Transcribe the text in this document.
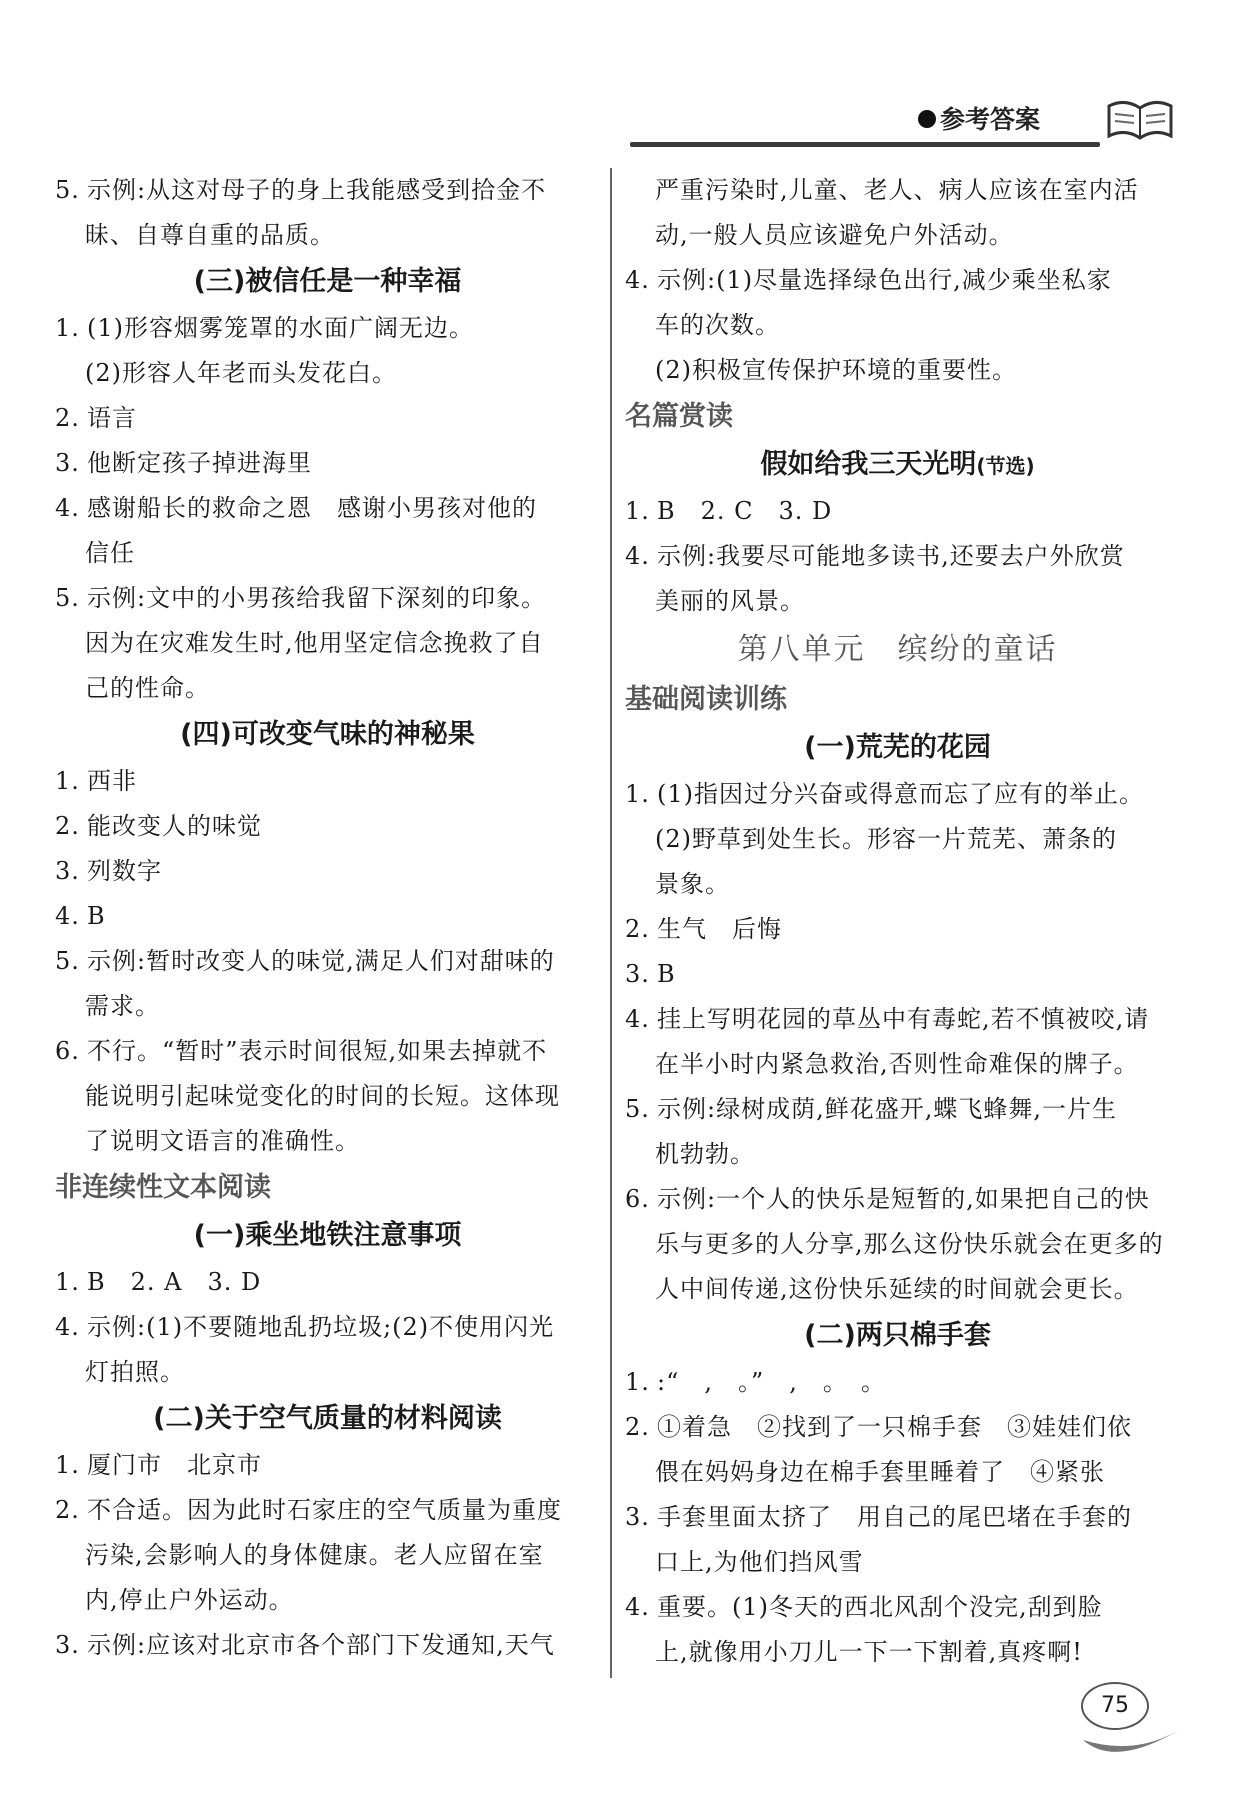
参考答案
5. 示例:从这对母子的身上我能感受到拾金不
昧、自尊自重的品质。
(三)被信任是一种幸福
1. (1)形容烟雾笼罩的水面广阔无边。
(2)形容人年老而头发花白。
2. 语言
3. 他断定孩子掉进海里
4. 感谢船长的救命之恩　感谢小男孩对他的
信任
5. 示例:文中的小男孩给我留下深刻的印象。
因为在灾难发生时,他用坚定信念挽救了自
己的性命。
(四)可改变气味的神秘果
1. 西非
2. 能改变人的味觉
3. 列数字
4. B
5. 示例:暂时改变人的味觉,满足人们对甜味的
需求。
6. 不行。“暂时”表示时间很短,如果去掉就不
能说明引起味觉变化的时间的长短。这体现
了说明文语言的准确性。
非连续性文本阅读
(一)乘坐地铁注意事项
1. B　2. A　3. D
4. 示例:(1)不要随地乱扔垃圾;(2)不使用闪光
灯拍照。
(二)关于空气质量的材料阅读
1. 厦门市　北京市
2. 不合适。因为此时石家庄的空气质量为重度
污染,会影响人的身体健康。老人应留在室
内,停止户外运动。
3. 示例:应该对北京市各个部门下发通知,天气
严重污染时,儿童、老人、病人应该在室内活
动,一般人员应该避免户外活动。
4. 示例:(1)尽量选择绿色出行,减少乘坐私家
车的次数。
(2)积极宣传保护环境的重要性。
名篇赏读
假如给我三天光明(节选)
1. B　2. C　3. D
4. 示例:我要尽可能地多读书,还要去户外欣赏
美丽的风景。
第八单元　缤纷的童话
基础阅读训练
(一)荒芜的花园
1. (1)指因过分兴奋或得意而忘了应有的举止。
(2)野草到处生长。形容一片荒芜、萧条的
景象。
2. 生气　后悔
3. B
4. 挂上写明花园的草丛中有毒蛇,若不慎被咬,请
在半小时内紧急救治,否则性命难保的牌子。
5. 示例:绿树成荫,鲜花盛开,蝶飞蜂舞,一片生
机勃勃。
6. 示例:一个人的快乐是短暂的,如果把自己的快
乐与更多的人分享,那么这份快乐就会在更多的
人中间传递,这份快乐延续的时间就会更长。
(二)两只棉手套
1. :“　,　。”　,　。　。
2. ①着急　②找到了一只棉手套　③娃娃们依
偎在妈妈身边在棉手套里睡着了　④紧张
3. 手套里面太挤了　用自己的尾巴堵在手套的
口上,为他们挡风雪
4. 重要。(1)冬天的西北风刮个没完,刮到脸
上,就像用小刀儿一下一下割着,真疼啊!
75
